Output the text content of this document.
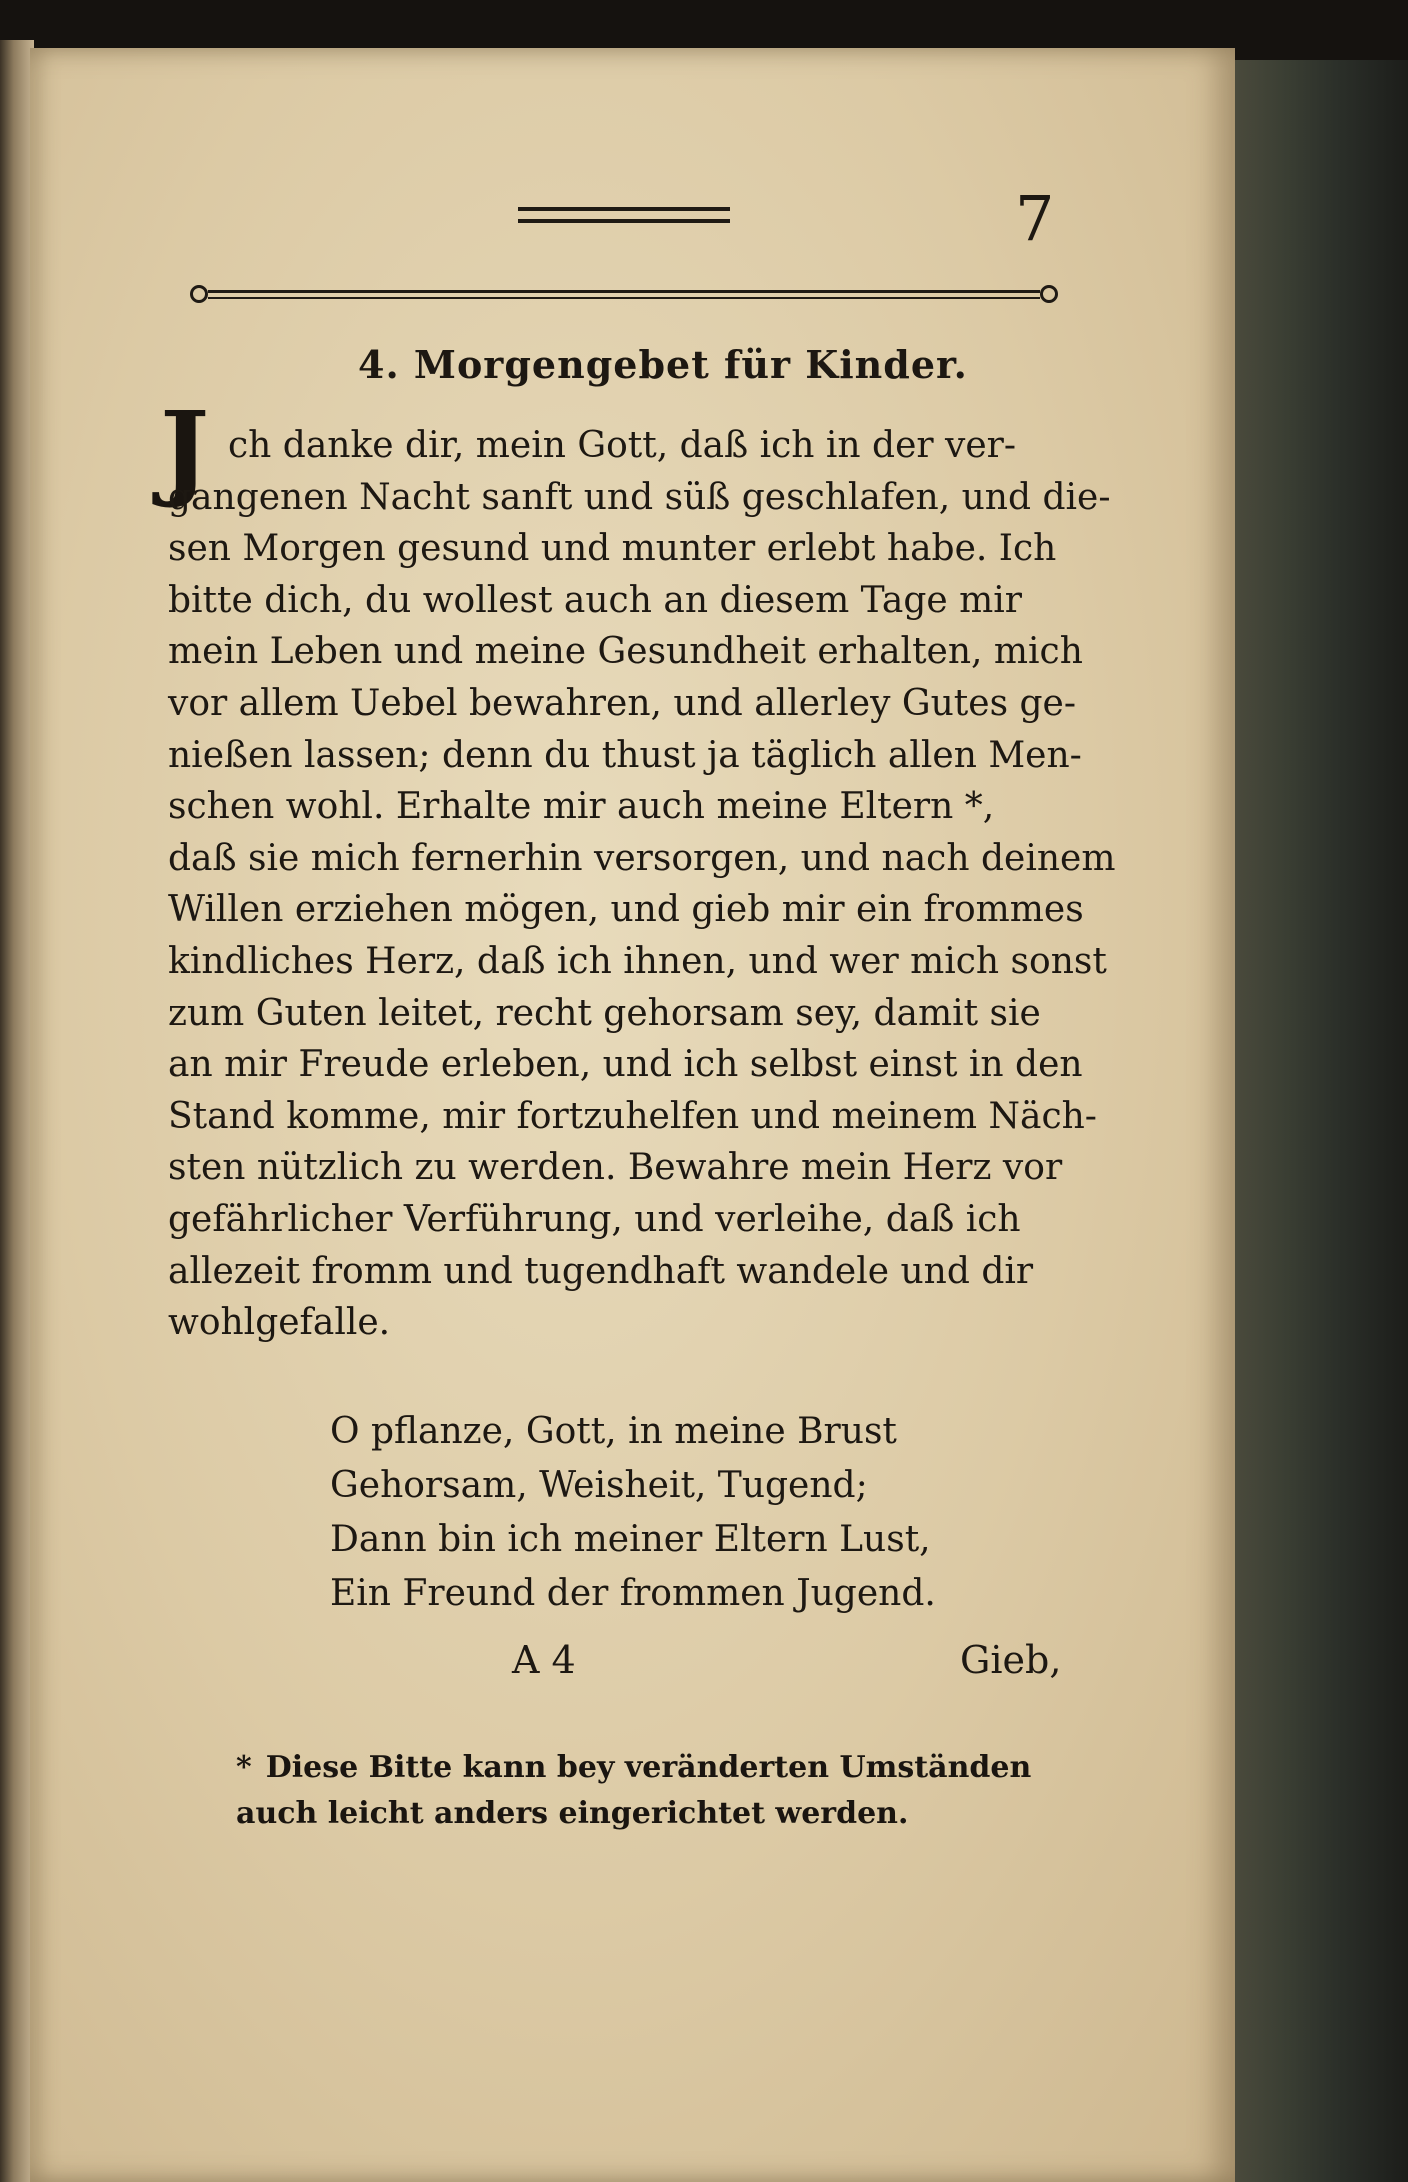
7
4. Morgengebet für Kinder.
J ch danke dir, mein Gott, daß ich in der ver-
gangenen Nacht sanft und süß geschlafen, und die-
sen Morgen gesund und munter erlebt habe. Ich
bitte dich, du wollest auch an diesem Tage mir
mein Leben und meine Gesundheit erhalten, mich
vor allem Uebel bewahren, und allerley Gutes ge-
nießen lassen; denn du thust ja täglich allen Men-
schen wohl. Erhalte mir auch meine Eltern *,
daß sie mich fernerhin versorgen, und nach deinem
Willen erziehen mögen, und gieb mir ein frommes
kindliches Herz, daß ich ihnen, und wer mich sonst
zum Guten leitet, recht gehorsam sey, damit sie
an mir Freude erleben, und ich selbst einst in den
Stand komme, mir fortzuhelfen und meinem Näch-
sten nützlich zu werden. Bewahre mein Herz vor
gefährlicher Verführung, und verleihe, daß ich
allezeit fromm und tugendhaft wandele und dir
wohlgefalle.
O pflanze, Gott, in meine Brust
Gehorsam, Weisheit, Tugend;
Dann bin ich meiner Eltern Lust,
Ein Freund der frommen Jugend.
A 4	Gieb,
* Diese Bitte kann bey veränderten Umständen
auch leicht anders eingerichtet werden.
